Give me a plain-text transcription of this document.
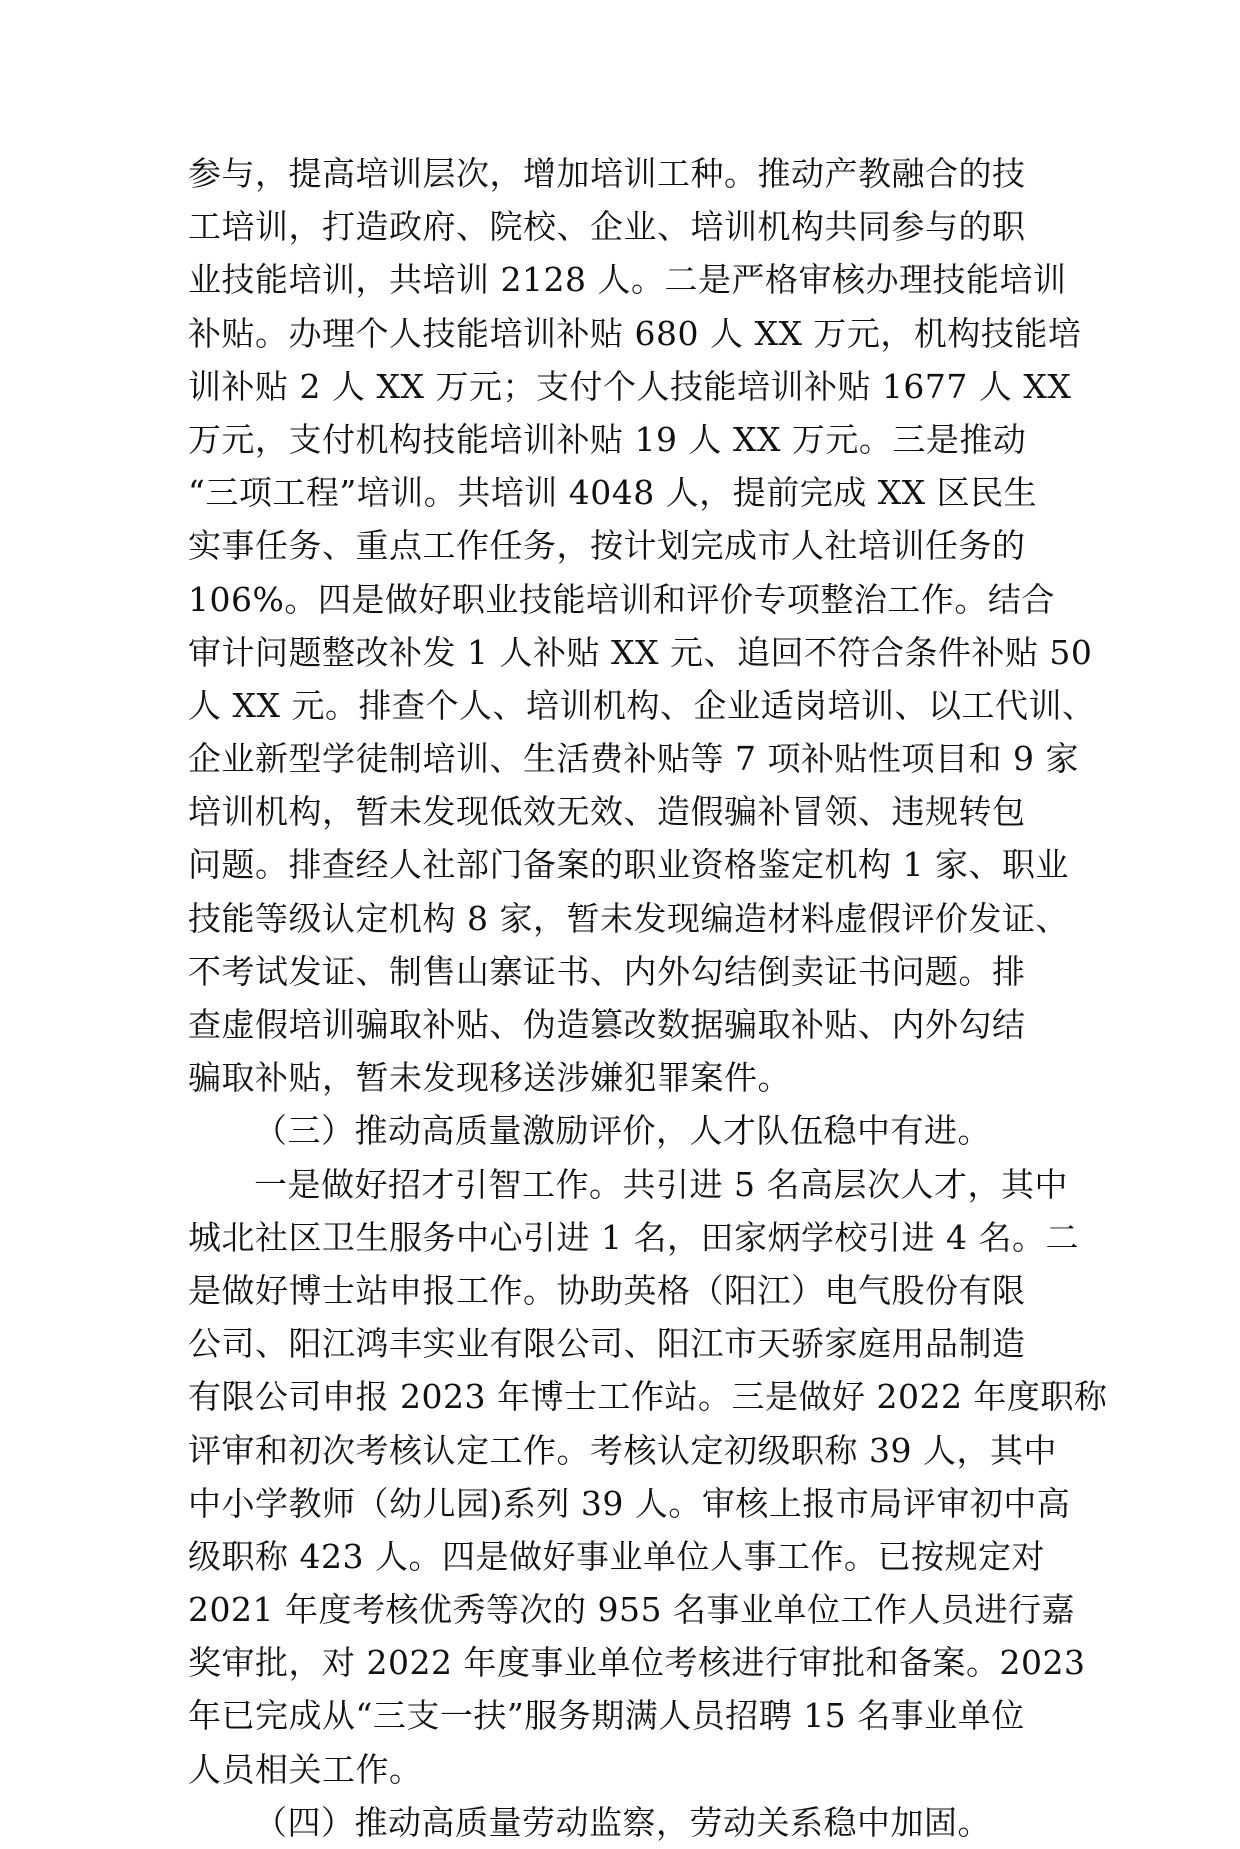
参与，提高培训层次，增加培训工种。推动产教融合的技
工培训，打造政府、院校、企业、培训机构共同参与的职
业技能培训，共培训 2128 人。二是严格审核办理技能培训
补贴。办理个人技能培训补贴 680 人 XX 万元，机构技能培
训补贴 2 人 XX 万元；支付个人技能培训补贴 1677 人 XX
万元，支付机构技能培训补贴 19 人 XX 万元。三是推动
“三项工程”培训。共培训 4048 人，提前完成 XX 区民生
实事任务、重点工作任务，按计划完成市人社培训任务的
106%。四是做好职业技能培训和评价专项整治工作。结合
审计问题整改补发 1 人补贴 XX 元、追回不符合条件补贴 50
人 XX 元。排查个人、培训机构、企业适岗培训、以工代训、
企业新型学徒制培训、生活费补贴等 7 项补贴性项目和 9 家
培训机构，暂未发现低效无效、造假骗补冒领、违规转包
问题。排查经人社部门备案的职业资格鉴定机构 1 家、职业
技能等级认定机构 8 家，暂未发现编造材料虚假评价发证、
不考试发证、制售山寨证书、内外勾结倒卖证书问题。排
查虚假培训骗取补贴、伪造篡改数据骗取补贴、内外勾结
骗取补贴，暂未发现移送涉嫌犯罪案件。
（三）推动高质量激励评价，人才队伍稳中有进。
一是做好招才引智工作。共引进 5 名高层次人才，其中
城北社区卫生服务中心引进 1 名，田家炳学校引进 4 名。二
是做好博士站申报工作。协助英格（阳江）电气股份有限
公司、阳江鸿丰实业有限公司、阳江市天骄家庭用品制造
有限公司申报 2023 年博士工作站。三是做好 2022 年度职称
评审和初次考核认定工作。考核认定初级职称 39 人，其中
中小学教师（幼儿园)系列 39 人。审核上报市局评审初中高
级职称 423 人。四是做好事业单位人事工作。已按规定对
2021 年度考核优秀等次的 955 名事业单位工作人员进行嘉
奖审批，对 2022 年度事业单位考核进行审批和备案。2023
年已完成从“三支一扶”服务期满人员招聘 15 名事业单位
人员相关工作。
（四）推动高质量劳动监察，劳动关系稳中加固。
